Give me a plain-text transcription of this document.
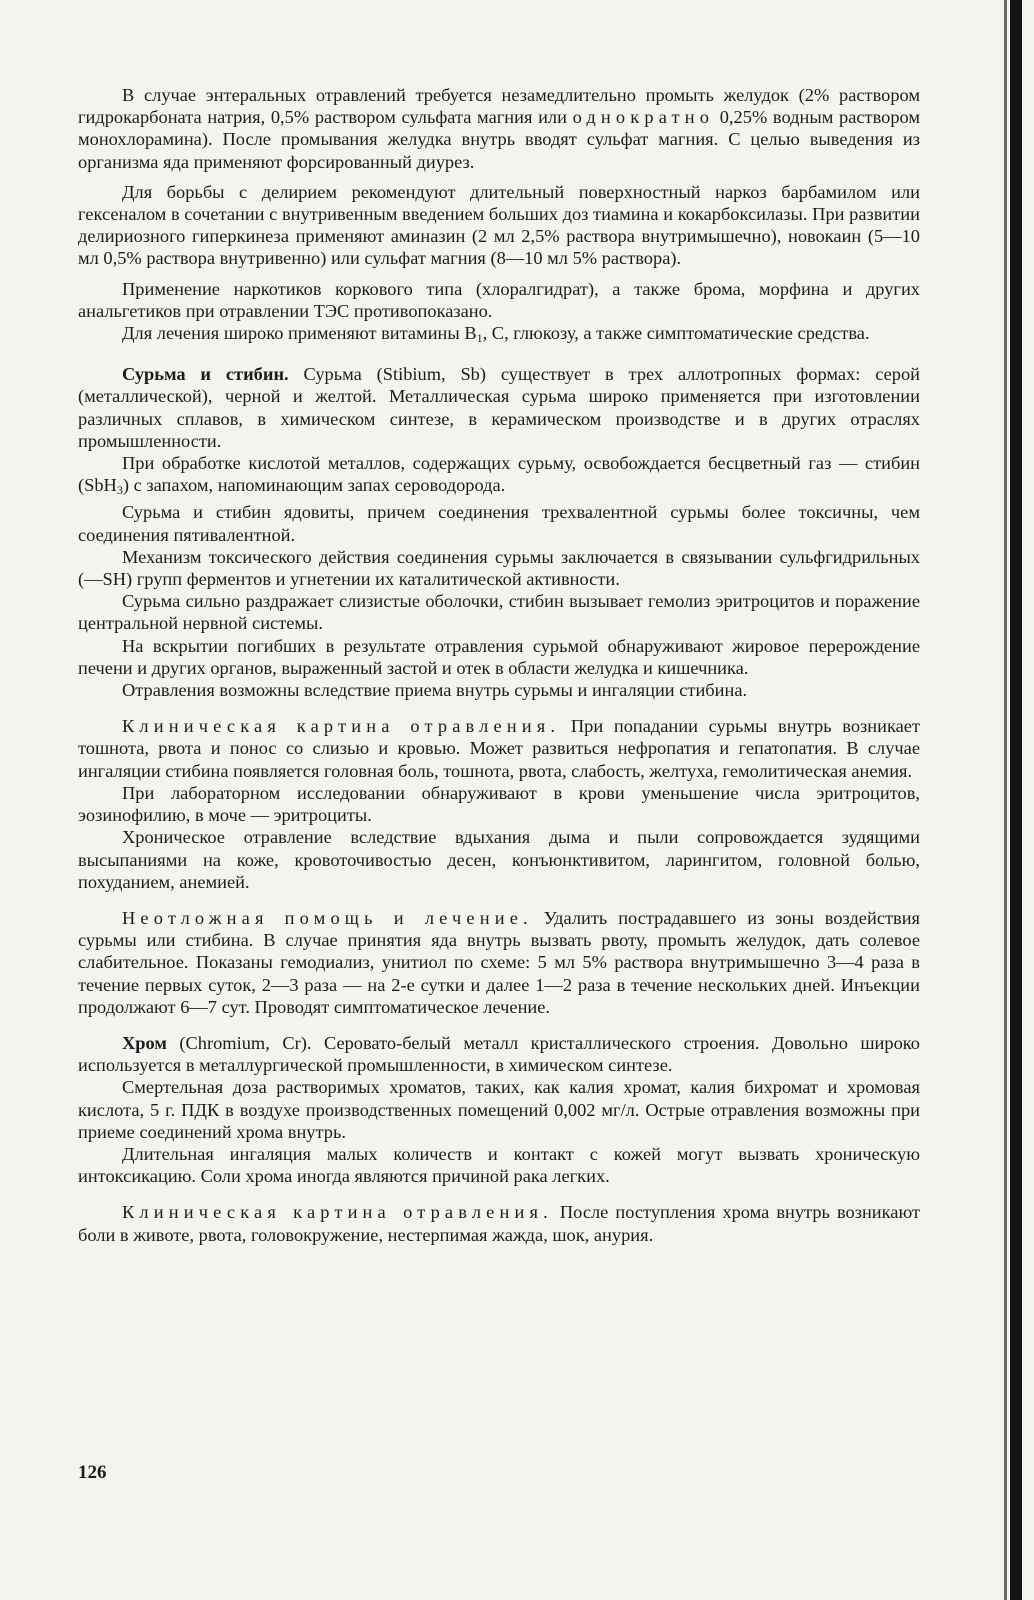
В случае энтеральных отравлений требуется незамедлительно промыть желудок (2% раствором гидрокарбоната натрия, 0,5% раствором сульфата магния или однократно 0,25% водным раствором монохлорамина). После промывания желудка внутрь вводят сульфат магния. С целью выведения из организма яда применяют форсированный диурез.

Для борьбы с делирием рекомендуют длительный поверхностный наркоз барбамилом или гексеналом в сочетании с внутривенным введением больших доз тиамина и кокарбоксилазы. При развитии делириозного гиперкинеза применяют аминазин (2 мл 2,5% раствора внутримышечно), новокаин (5—10 мл 0,5% раствора внутривенно) или сульфат магния (8—10 мл 5% раствора).

Применение наркотиков коркового типа (хлоралгидрат), а также брома, морфина и других анальгетиков при отравлении ТЭС противопоказано.

Для лечения широко применяют витамины $B_1$, C, глюкозу, а также симптоматические средства.

Сурьма и стибин. Сурьма (Stibium, Sb) существует в трех аллотропных формах: серой (металлической), черной и желтой. Металлическая сурьма широко применяется при изготовлении различных сплавов, в химическом синтезе, в керамическом производстве и в других отраслях промышленности.

При обработке кислотой металлов, содержащих сурьму, освобождается бесцветный газ — стибин (SbH$_3$) с запахом, напоминающим запах сероводорода.

Сурьма и стибин ядовиты, причем соединения трехвалентной сурьмы более токсичны, чем соединения пятивалентной.

Механизм токсического действия соединения сурьмы заключается в связывании сульфгидрильных (—SH) групп ферментов и угнетении их каталитической активности.

Сурьма сильно раздражает слизистые оболочки, стибин вызывает гемолиз эритроцитов и поражение центральной нервной системы.

На вскрытии погибших в результате отравления сурьмой обнаруживают жировое перерождение печени и других органов, выраженный застой и отек в области желудка и кишечника.

Отравления возможны вследствие приема внутрь сурьмы и ингаляции стибина.

Клиническая картина отравления. При попадании сурьмы внутрь возникает тошнота, рвота и понос со слизью и кровью. Может развиться нефропатия и гепатопатия. В случае ингаляции стибина появляется головная боль, тошнота, рвота, слабость, желтуха, гемолитическая анемия.

При лабораторном исследовании обнаруживают в крови уменьшение числа эритроцитов, эозинофилию, в моче — эритроциты.

Хроническое отравление вследствие вдыхания дыма и пыли сопровождается зудящими высыпаниями на коже, кровоточивостью десен, конъюнктивитом, ларингитом, головной болью, похуданием, анемией.

Неотложная помощь и лечение. Удалить пострадавшего из зоны воздействия сурьмы или стибина. В случае принятия яда внутрь вызвать рвоту, промыть желудок, дать солевое слабительное. Показаны гемодиализ, унитиол по схеме: 5 мл 5% раствора внутримышечно 3—4 раза в течение первых суток, 2—3 раза — на 2-е сутки и далее 1—2 раза в течение нескольких дней. Инъекции продолжают 6—7 сут. Проводят симптоматическое лечение.

Хром (Chromium, Cr). Серовато-белый металл кристаллического строения. Довольно широко используется в металлургической промышленности, в химическом синтезе.

Смертельная доза растворимых хроматов, таких, как калия хромат, калия бихромат и хромовая кислота, 5 г. ПДК в воздухе производственных помещений 0,002 мг/л. Острые отравления возможны при приеме соединений хрома внутрь.

Длительная ингаляция малых количеств и контакт с кожей могут вызвать хроническую интоксикацию. Соли хрома иногда являются причиной рака легких.

Клиническая картина отравления. После поступления хрома внутрь возникают боли в животе, рвота, головокружение, нестерпимая жажда, шок, анурия.

126
